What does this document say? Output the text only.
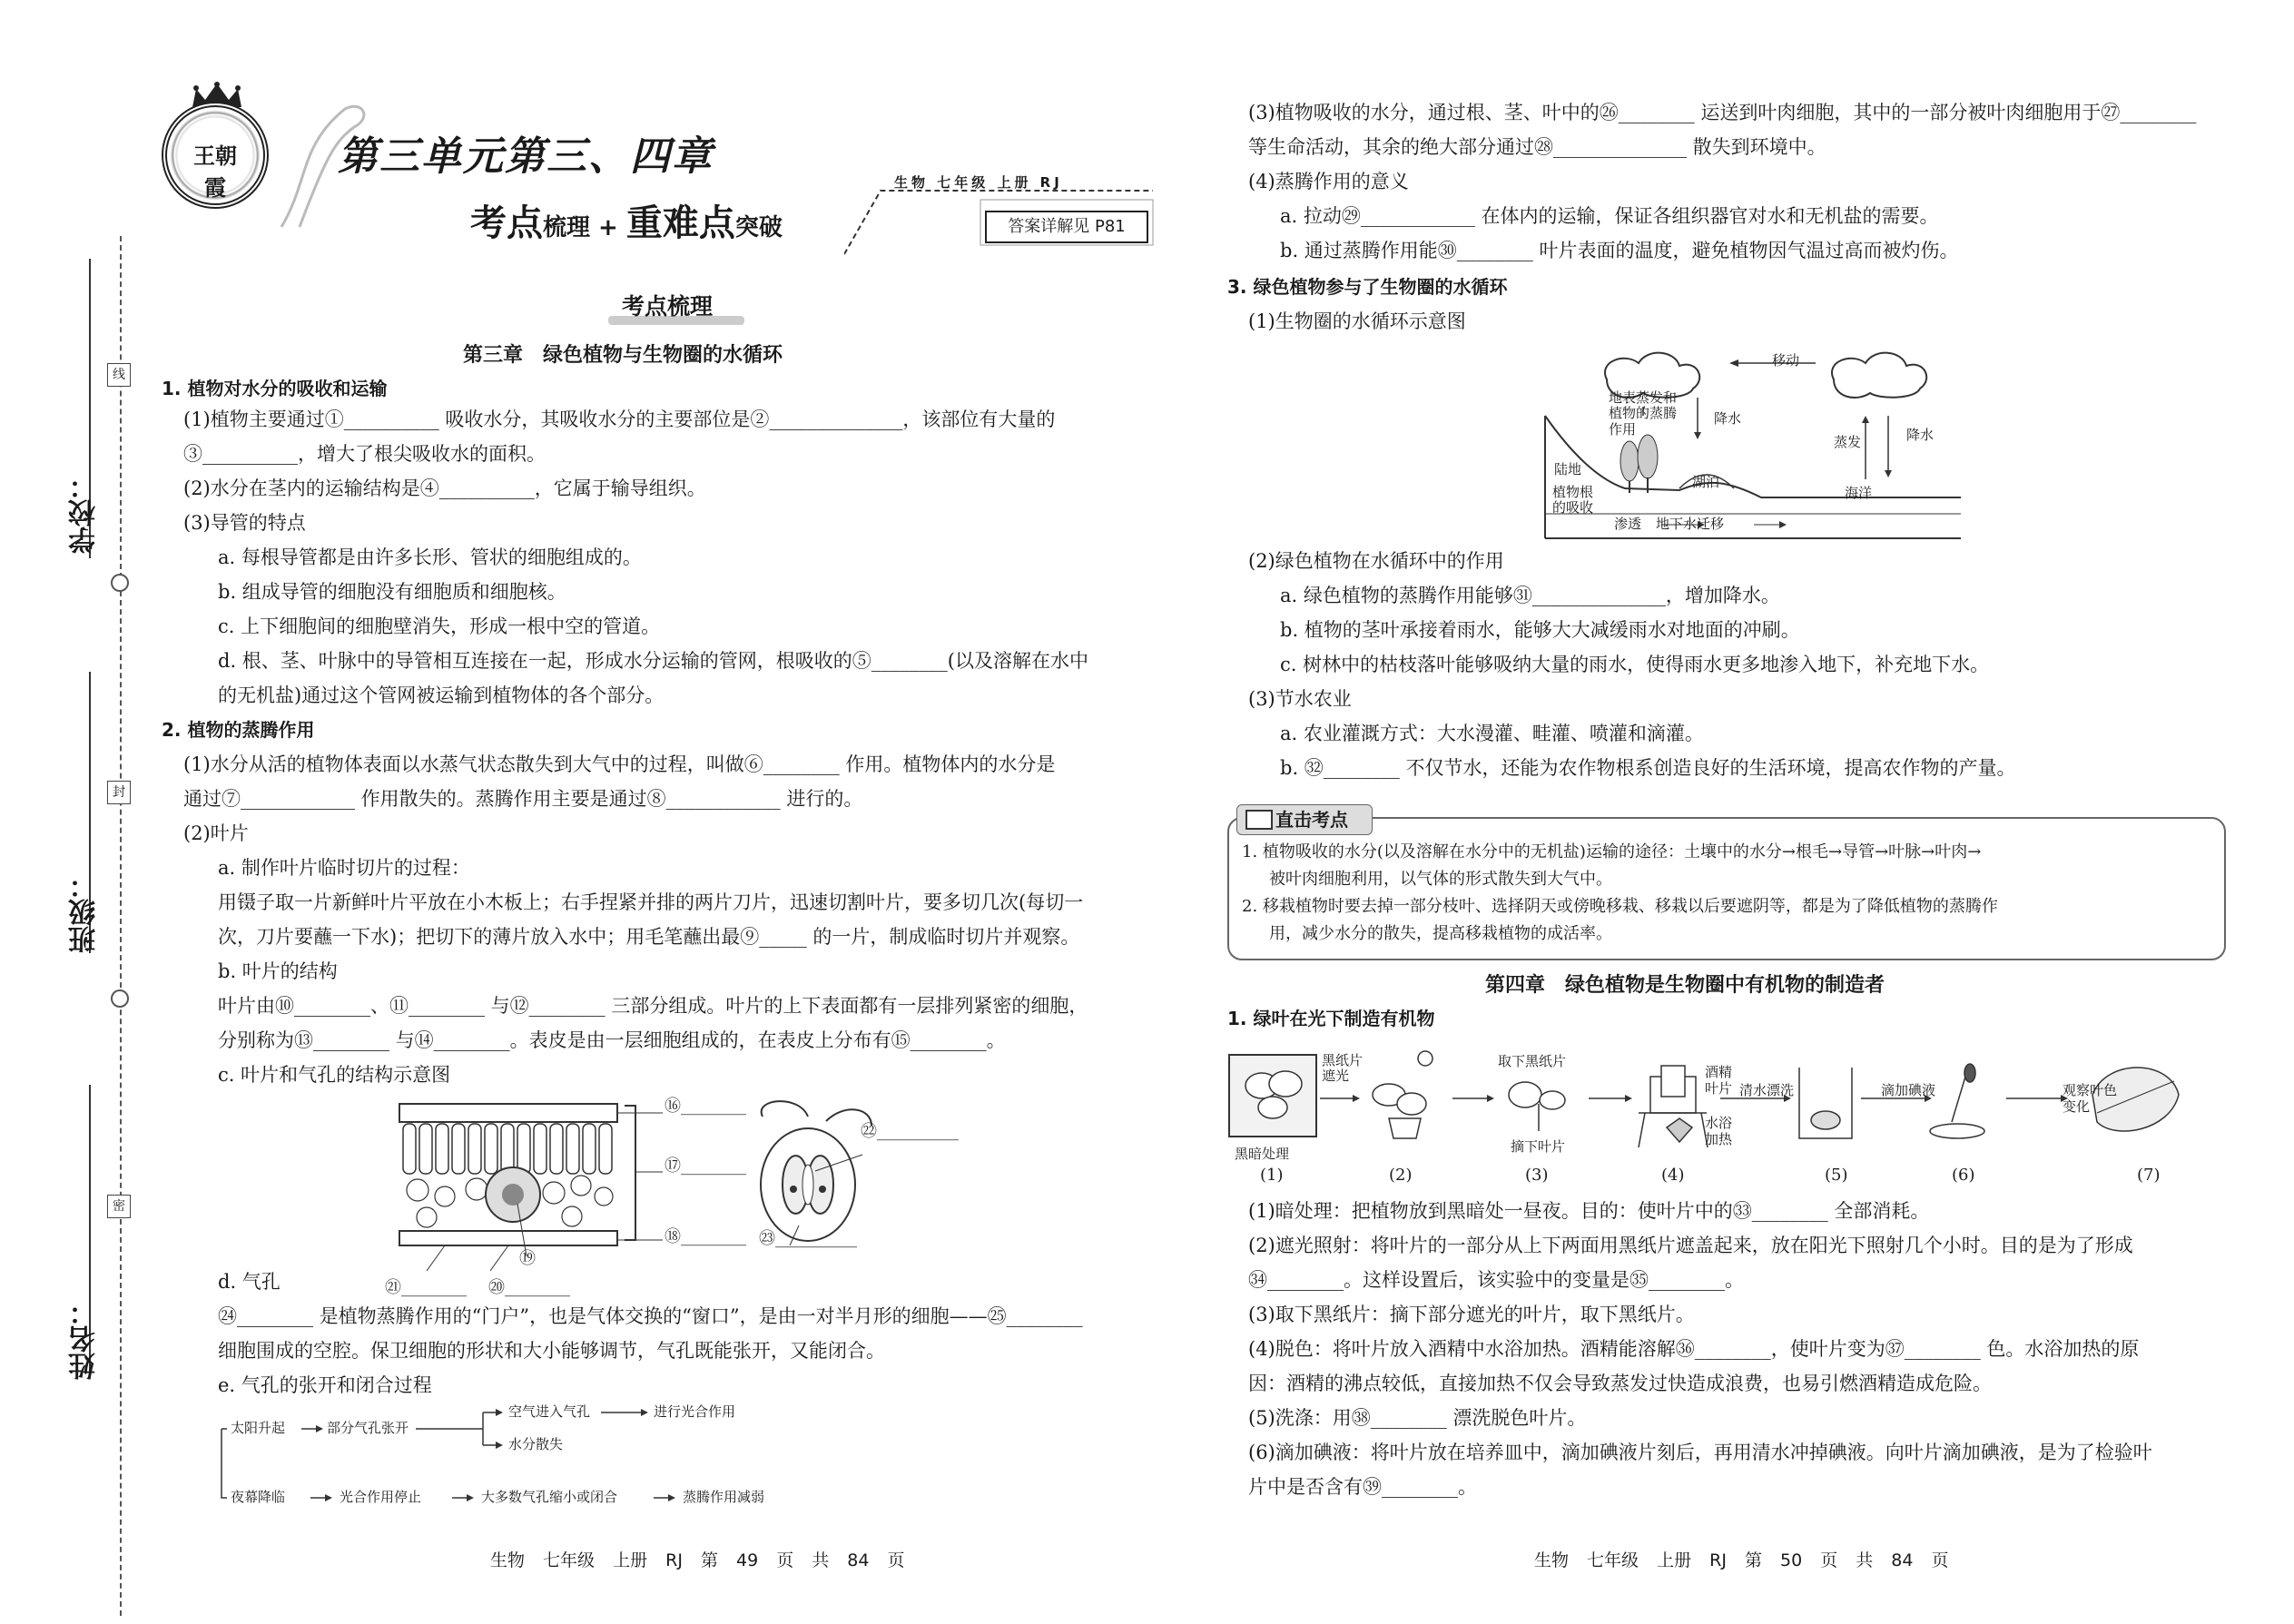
学校：
班级：
姓名：
线
封
密
王朝霞
第三单元第三、四章
考点梳理 + 重难点突破
生物 七年级 上册 RJ
答案详解见 P81
考点梳理
第三章　绿色植物与生物圈的水循环
1. 植物对水分的吸收和运输
(1)植物主要通过①__________ 吸收水分，其吸收水分的主要部位是②______________，该部位有大量的
③__________，增大了根尖吸收水的面积。
(2)水分在茎内的运输结构是④__________，它属于输导组织。
(3)导管的特点
a. 每根导管都是由许多长形、管状的细胞组成的。
b. 组成导管的细胞没有细胞质和细胞核。
c. 上下细胞间的细胞壁消失，形成一根中空的管道。
d. 根、茎、叶脉中的导管相互连接在一起，形成水分运输的管网，根吸收的⑤________(以及溶解在水中
的无机盐)通过这个管网被运输到植物体的各个部分。
2. 植物的蒸腾作用
(1)水分从活的植物体表面以水蒸气状态散失到大气中的过程，叫做⑥________ 作用。植物体内的水分是
通过⑦____________ 作用散失的。蒸腾作用主要是通过⑧____________ 进行的。
(2)叶片
a. 制作叶片临时切片的过程：
用镊子取一片新鲜叶片平放在小木板上；右手捏紧并排的两片刀片，迅速切割叶片，要多切几次(每切一
次，刀片要蘸一下水)；把切下的薄片放入水中；用毛笔蘸出最⑨_____ 的一片，制成临时切片并观察。
b. 叶片的结构
叶片由⑩________、⑪________ 与⑫________ 三部分组成。叶片的上下表面都有一层排列紧密的细胞，
分别称为⑬________ 与⑭________。表皮是由一层细胞组成的，在表皮上分布有⑮________。
c. 叶片和气孔的结构示意图
⑯________
⑰________
⑱________
⑲
⑳________
㉑________
㉒__________
㉓__________
d. 气孔
㉔________ 是植物蒸腾作用的“门户”，也是气体交换的“窗口”，是由一对半月形的细胞——㉕________
细胞围成的空腔。保卫细胞的形状和大小能够调节，气孔既能张开，又能闭合。
e. 气孔的张开和闭合过程
太阳升起	部分气孔张开
空气进入气孔	进行光合作用
水分散失
夜幕降临	光合作用停止	大多数气孔缩小或闭合	蒸腾作用减弱
生物 七年级 上册 RJ 第 49 页 共 84 页
(3)植物吸收的水分，通过根、茎、叶中的㉖________ 运送到叶肉细胞，其中的一部分被叶肉细胞用于㉗________
等生命活动，其余的绝大部分通过㉘______________ 散失到环境中。
(4)蒸腾作用的意义
a. 拉动㉙____________ 在体内的运输，保证各组织器官对水和无机盐的需要。
b. 通过蒸腾作用能㉚________ 叶片表面的温度，避免植物因气温过高而被灼伤。
3. 绿色植物参与了生物圈的水循环
(1)生物圈的水循环示意图
移动
降水
降水
蒸发
地表蒸发和植物的蒸腾作用
陆地
湖泊
海洋
植物根的吸收
渗透 地下水迁移
(2)绿色植物在水循环中的作用
a. 绿色植物的蒸腾作用能够㉛______________，增加降水。
b. 植物的茎叶承接着雨水，能够大大减缓雨水对地面的冲刷。
c. 树林中的枯枝落叶能够吸纳大量的雨水，使得雨水更多地渗入地下，补充地下水。
(3)节水农业
a. 农业灌溉方式：大水漫灌、畦灌、喷灌和滴灌。
b. ㉜________ 不仅节水，还能为农作物根系创造良好的生活环境，提高农作物的产量。
直击考点
1. 植物吸收的水分(以及溶解在水分中的无机盐)运输的途径：土壤中的水分→根毛→导管→叶脉→叶肉→
被叶肉细胞利用，以气体的形式散失到大气中。
2. 移栽植物时要去掉一部分枝叶、选择阴天或傍晚移栽、移栽以后要遮阴等，都是为了降低植物的蒸腾作
用，减少水分的散失，提高移栽植物的成活率。
第四章　绿色植物是生物圈中有机物的制造者
1. 绿叶在光下制造有机物
黑暗处理
黑纸片遮光
取下黑纸片
摘下叶片
酒精
叶片
水浴
加热
清水漂洗	滴加碘液	观察叶色变化
(1)	(2)	(3)	(4)	(5)	(6)	(7)
(1)暗处理：把植物放到黑暗处一昼夜。目的：使叶片中的㉝________ 全部消耗。
(2)遮光照射：将叶片的一部分从上下两面用黑纸片遮盖起来，放在阳光下照射几个小时。目的是为了形成
㉞________。这样设置后，该实验中的变量是㉟________。
(3)取下黑纸片：摘下部分遮光的叶片，取下黑纸片。
(4)脱色：将叶片放入酒精中水浴加热。酒精能溶解㊱________，使叶片变为㊲________ 色。水浴加热的原
因：酒精的沸点较低，直接加热不仅会导致蒸发过快造成浪费，也易引燃酒精造成危险。
(5)洗涤：用㊳________ 漂洗脱色叶片。
(6)滴加碘液：将叶片放在培养皿中，滴加碘液片刻后，再用清水冲掉碘液。向叶片滴加碘液，是为了检验叶
片中是否含有㊴________。
生物 七年级 上册 RJ 第 50 页 共 84 页
